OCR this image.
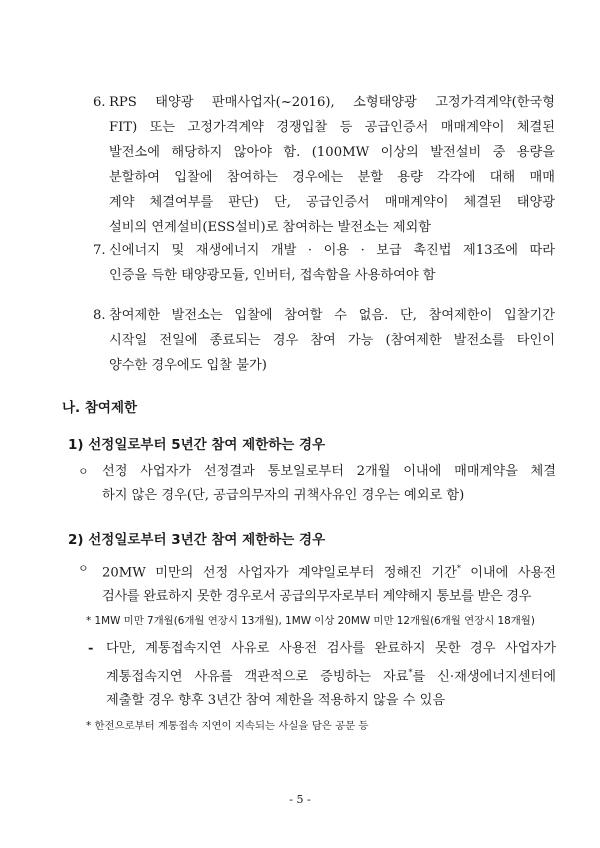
6. RPS 태양광 판매사업자(~2016), 소형태양광 고정가격계약(한국형
FIT) 또는 고정가격계약 경쟁입찰 등 공급인증서 매매계약이 체결된
발전소에 해당하지 않아야 함. (100MW 이상의 발전설비 중 용량을
분할하여 입찰에 참여하는 경우에는 분할 용량 각각에 대해 매매
계약 체결여부를 판단) 단, 공급인증서 매매계약이 체결된 태양광
설비의 연계설비(ESS설비)로 참여하는 발전소는 제외함
7. 신에너지 및 재생에너지 개발 · 이용 · 보급 촉진법 제13조에 따라
인증을 득한 태양광모듈, 인버터, 접속함을 사용하여야 함
8. 참여제한 발전소는 입찰에 참여할 수 없음. 단, 참여제한이 입찰기간
시작일 전일에 종료되는 경우 참여 가능 (참여제한 발전소를 타인이
양수한 경우에도 입찰 불가)
나. 참여제한
1) 선정일로부터 5년간 참여 제한하는 경우
ㅇ	선정 사업자가 선정결과 통보일로부터 2개월 이내에 매매계약을 체결
하지 않은 경우(단, 공급의무자의 귀책사유인 경우는 예외로 함)
2) 선정일로부터 3년간 참여 제한하는 경우
ㅇ	20MW 미만의 선정 사업자가 계약일로부터 정해진 기간* 이내에 사용전
검사를 완료하지 못한 경우로서 공급의무자로부터 계약해지 통보를 받은 경우
* 1MW 미만 7개월(6개월 연장시 13개월), 1MW 이상 20MW 미만 12개월(6개월 연장시 18개월)
- 다만, 계통접속지연 사유로 사용전 검사를 완료하지 못한 경우 사업자가
계통접속지연 사유를 객관적으로 증빙하는 자료*를 신·재생에너지센터에
제출할 경우 향후 3년간 참여 제한을 적용하지 않을 수 있음
* 한전으로부터 계통접속 지연이 지속되는 사실을 담은 공문 등
- 5 -
